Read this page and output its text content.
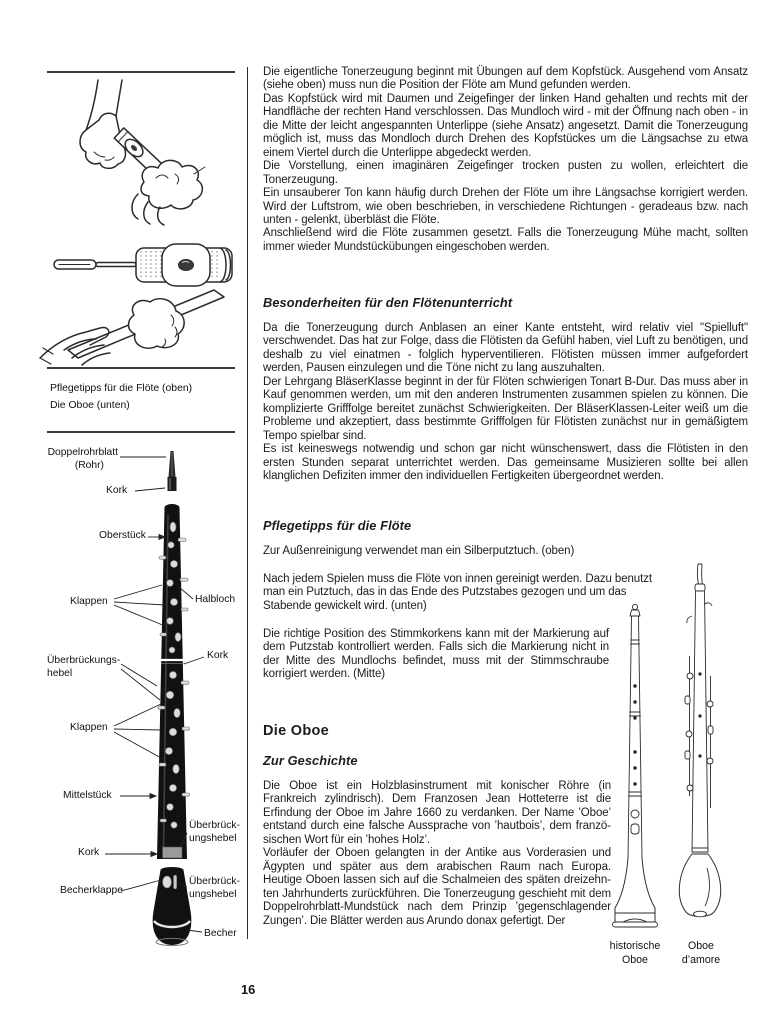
Pflegetipps für die Flöte (oben)
Die Oboe (unten)
Doppelrohrblatt
(Rohr)
Kork
Oberstück
Klappen	Halbloch
Überbrückungs-
hebel
Kork
Klappen
Mittelstück
Überbrück-
ungshebel
Kork
Becherklappe
Überbrück-
ungshebel
Becher

Die eigentliche Tonerzeugung beginnt mit Übungen auf dem Kopfstück. Ausgehend vom Ansatz (siehe oben) muss nun die Position der Flöte am Mund gefunden werden.

Das Kopfstück wird mit Daumen und Zeigefinger der linken Hand gehalten und rechts mit der Handfläche der rechten Hand verschlossen. Das Mundloch wird - mit der Öffnung nach oben - in die Mitte der leicht angespannten Unterlippe (siehe Ansatz) angesetzt. Damit die Tonerzeugung möglich ist, muss das Mondloch durch Drehen des Kopfstückes um die Längsachse zu etwa einem Viertel durch die Unterlippe abgedeckt werden.

Die Vorstellung, einen imaginären Zeigefinger trocken pusten zu wollen, erleichtert die Tonerzeugung.

Ein unsauberer Ton kann häufig durch Drehen der Flöte um ihre Längsachse korrigiert werden. Wird der Luftstrom, wie oben beschrieben, in verschiedene Richtungen - geradeaus bzw. nach unten - gelenkt, überbläst die Flöte.

Anschließend wird die Flöte zusammen gesetzt. Falls die Tonerzeugung Mühe macht, sollten immer wieder Mundstückübungen eingeschoben werden.

Besonderheiten für den Flötenunterricht

Da die Tonerzeugung durch Anblasen an einer Kante entsteht, wird relativ viel "Spielluft" verschwendet. Das hat zur Folge, dass die Flötisten da Gefühl haben, viel Luft zu benötigen, und deshalb zu viel einatmen - folglich hyperventilieren. Flötisten müssen immer aufgefordert werden, Pausen einzulegen und die Töne nicht zu lang auszuhalten.

Der Lehrgang BläserKlasse beginnt in der für Flöten schwierigen Tonart B-Dur. Das muss aber in Kauf genommen werden, um mit den anderen Instrumenten zusammen spielen zu können. Die komplizierte Grifffolge bereitet zunächst Schwierigkeiten. Der BläserKlassen-Leiter weiß um die Probleme und akzeptiert, dass bestimmte Grifffolgen für Flötisten zunächst nur in gemäßigtem Tempo spielbar sind.

Es ist keineswegs notwendig und schon gar nicht wünschenswert, dass die Flötisten in den ersten Stunden separat unterrichtet werden. Das gemeinsame Musizieren sollte bei allen klanglichen Defiziten immer den individuellen Fertigkeiten übergeordnet werden.

Pflegetipps für die Flöte

Zur Außenreinigung verwendet man ein Silberputztuch. (oben)

Nach jedem Spielen muss die Flöte von innen gereinigt werden. Dazu benutzt man ein Putztuch, das in das Ende des Putzstabes gezogen und um das Stabende gewickelt wird. (unten)

Die richtige Position des Stimmkorkens kann mit der Markierung auf dem Putzstab kontrolliert werden. Falls sich die Markierung nicht in der Mitte des Mundlochs befindet, muss mit der Stimmschraube korrigiert werden. (Mitte)

Die Oboe
Zur Geschichte

Die Oboe ist ein Holzblasinstrument mit konischer Röhre (in Frankreich zylindrisch). Dem Franzosen Jean Hotteterre ist die Erfindung der Oboe im Jahre 1660 zu verdanken. Der Name ’Oboe’ entstand durch eine falsche Aussprache von ’hautbois’, dem französischen Wort für ein ’hohes Holz’.

Vorläufer der Oboen gelangten in der Antike aus Vorderasien und Ägypten und später aus dem arabischen Raum nach Europa. Heutige Oboen lassen sich auf die Schalmeien des späten dreizehnten Jahrhunderts zurückführen. Die Tonerzeugung geschieht mit dem Doppelrohrblatt-Mundstück nach dem Prinzip ’gegenschlagender Zungen’. Die Blätter werden aus Arundo donax gefertigt. Der

historische
Oboe
Oboe
d’amore
16
